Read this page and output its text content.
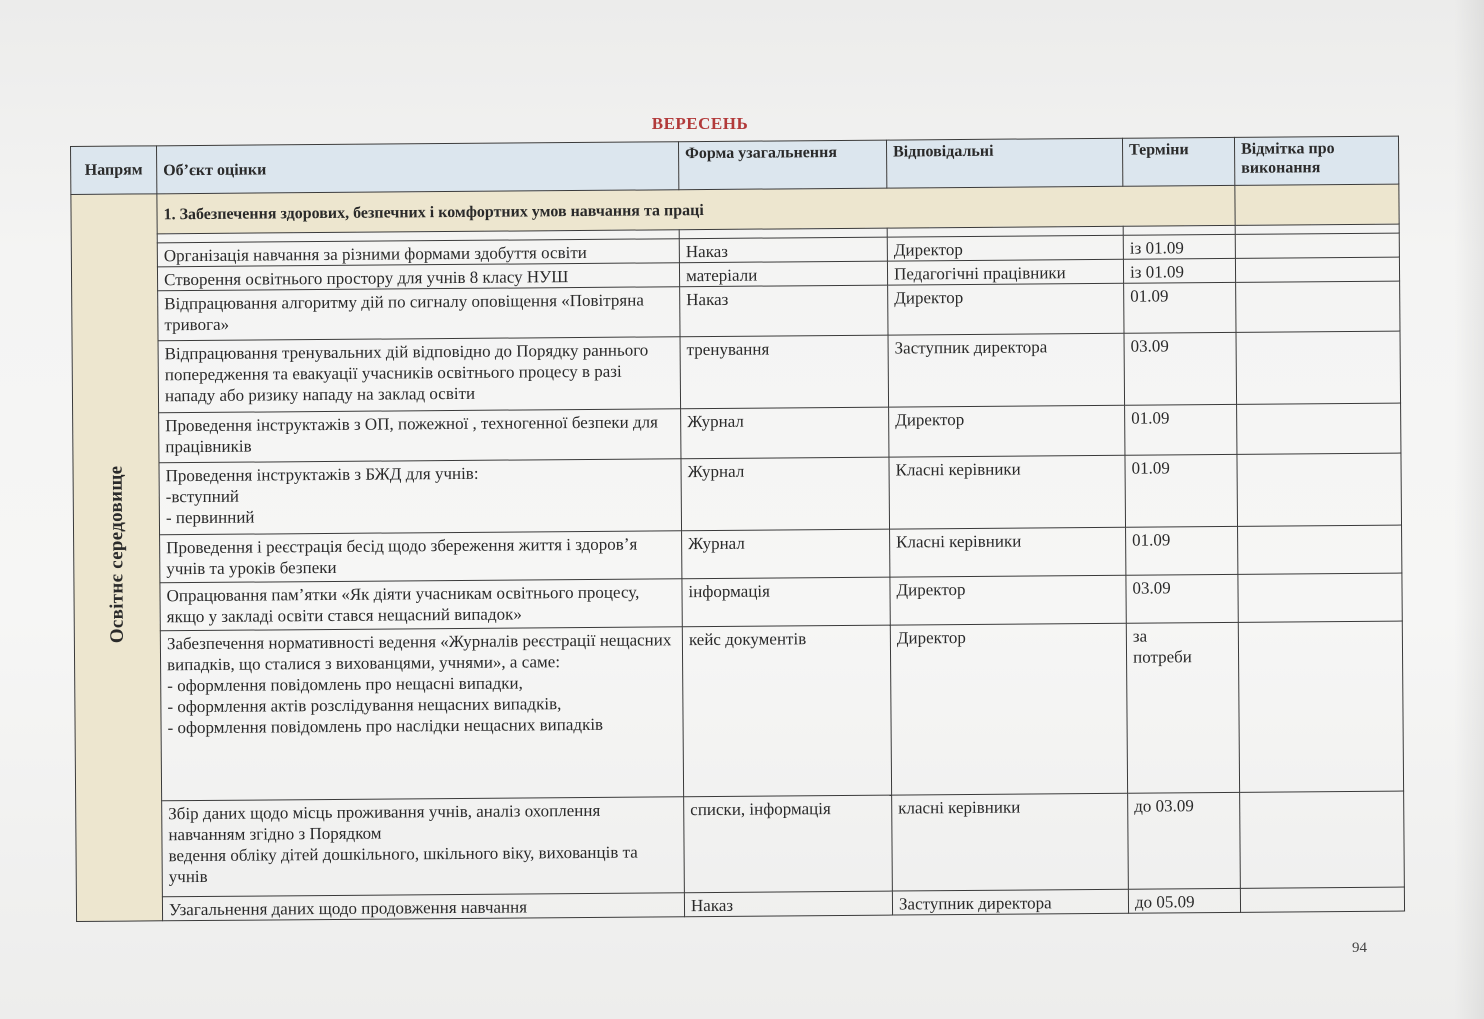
ВЕРЕСЕНЬ
Напрям	Об’єкт оцінки	Форма узагальнення	Відповідальні	Терміни	Відмітка про виконання
Освітнє середовище	1. Забезпечення здорових, безпечних і комфортних умов навчання та праці				

	Організація навчання за різними формами здобуття освіти	Наказ	Директор	із 01.09	
	Створення освітнього простору для учнів 8 класу НУШ	матеріали	Педагогічні працівники	із 01.09	
	Відпрацювання алгоритму дій по сигналу оповіщення «Повітряна тривога»	Наказ	Директор	01.09	
	Відпрацювання тренувальних дій відповідно до Порядку раннього попередження та евакуації учасників освітнього процесу в разі нападу або ризику нападу на заклад освіти	тренування	Заступник директора	03.09	
	Проведення інструктажів з ОП, пожежної , техногенної безпеки для працівників	Журнал	Директор	01.09	
	Проведення інструктажів з БЖД для учнів:
-вступний
- первинний	Журнал	Класні керівники	01.09	
	Проведення і реєстрація бесід щодо збереження життя і здоров’я учнів та уроків безпеки	Журнал	Класні керівники	01.09	
	Опрацювання пам’ятки «Як діяти учасникам освітнього процесу, якщо у закладі освіти стався нещасний випадок»	інформація	Директор	03.09	
	Забезпечення нормативності ведення «Журналів реєстрації нещасних випадків, що сталися з вихованцями, учнями», а саме:
- оформлення повідомлень про нещасні випадки,
- оформлення актів розслідування нещасних випадків,
- оформлення повідомлень про наслідки нещасних випадків	кейс документів	Директор	за
потреби	
	Збір даних щодо місць проживання учнів, аналіз охоплення навчанням згідно з Порядком
ведення обліку дітей дошкільного, шкільного віку, вихованців та учнів	списки, інформація	класні керівники	до 03.09	
	Узагальнення даних щодо продовження навчання	Наказ	Заступник директора	до 05.09	
94
